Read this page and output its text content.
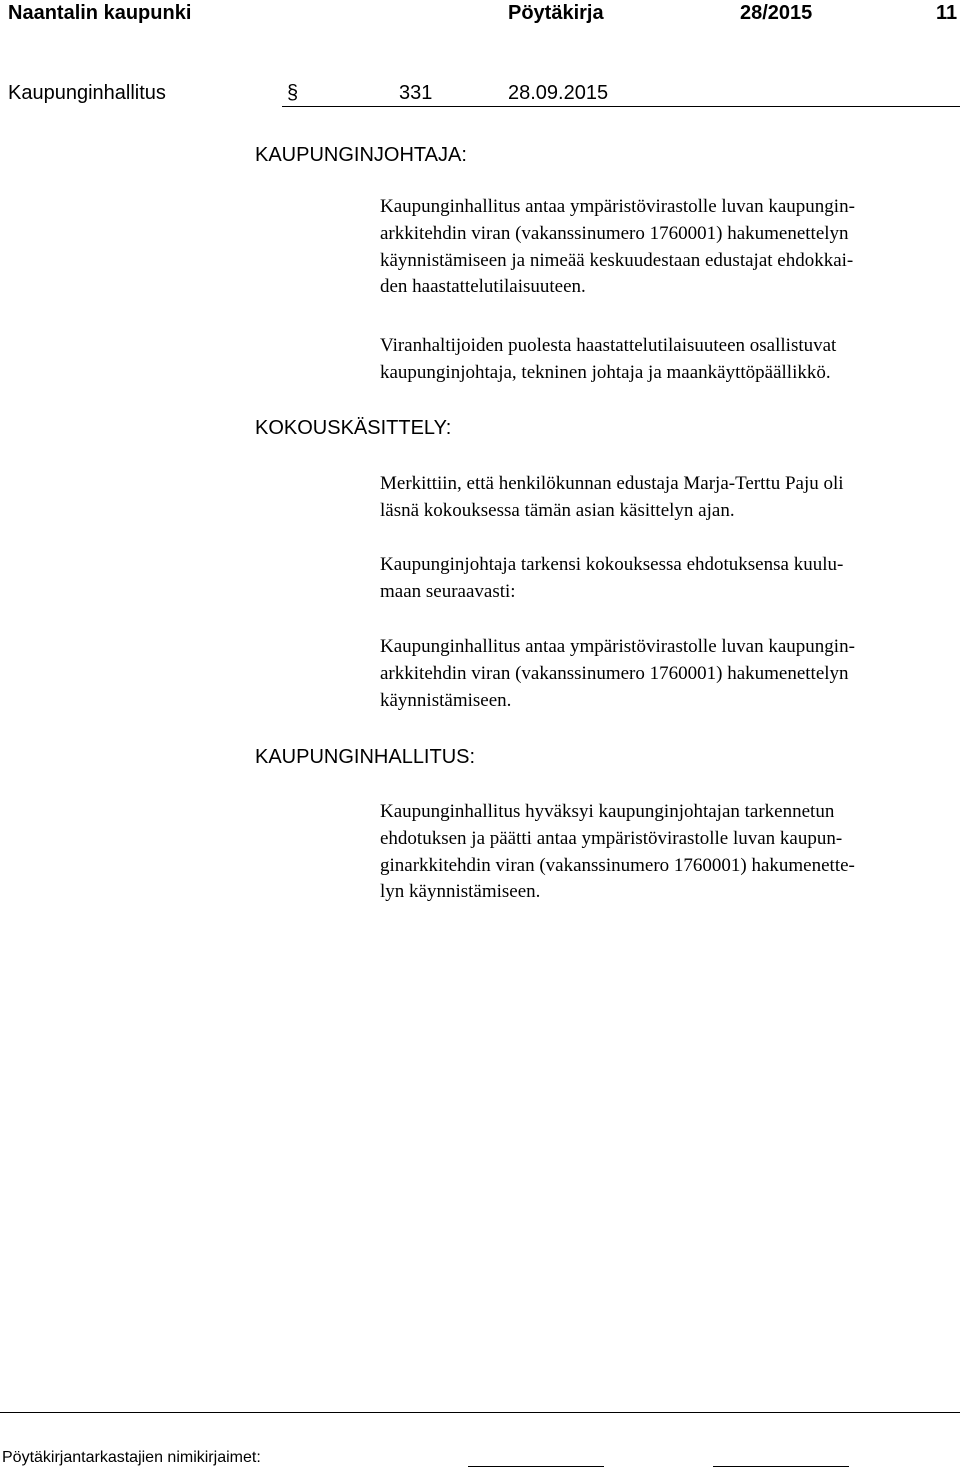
Naantalin kaupunki	Pöytäkirja	28/2015	11
Kaupunginhallitus	§	331	28.09.2015
KAUPUNGINJOHTAJA:
KOKOUSKÄSITTELY:
KAUPUNGINHALLITUS:
Kaupunginhallitus antaa ympäristövirastolle luvan kaupungin-
arkkitehdin viran (vakanssinumero 1760001) hakumenettelyn
käynnistämiseen ja nimeää keskuudestaan edustajat ehdokkai-
den haastattelutilaisuuteen.
Viranhaltijoiden puolesta haastattelutilaisuuteen osallistuvat
kaupunginjohtaja, tekninen johtaja ja maankäyttöpäällikkö.
Merkittiin, että henkilökunnan edustaja Marja-Terttu Paju oli
läsnä kokouksessa tämän asian käsittelyn ajan.
Kaupunginjohtaja tarkensi kokouksessa ehdotuksensa kuulu-
maan seuraavasti:
Kaupunginhallitus antaa ympäristövirastolle luvan kaupungin-
arkkitehdin viran (vakanssinumero 1760001) hakumenettelyn
käynnistämiseen.
Kaupunginhallitus hyväksyi kaupunginjohtajan tarkennetun
ehdotuksen ja päätti antaa ympäristövirastolle luvan kaupun-
ginarkkitehdin viran (vakanssinumero 1760001) hakumenette-
lyn käynnistämiseen.
Pöytäkirjantarkastajien nimikirjaimet:
